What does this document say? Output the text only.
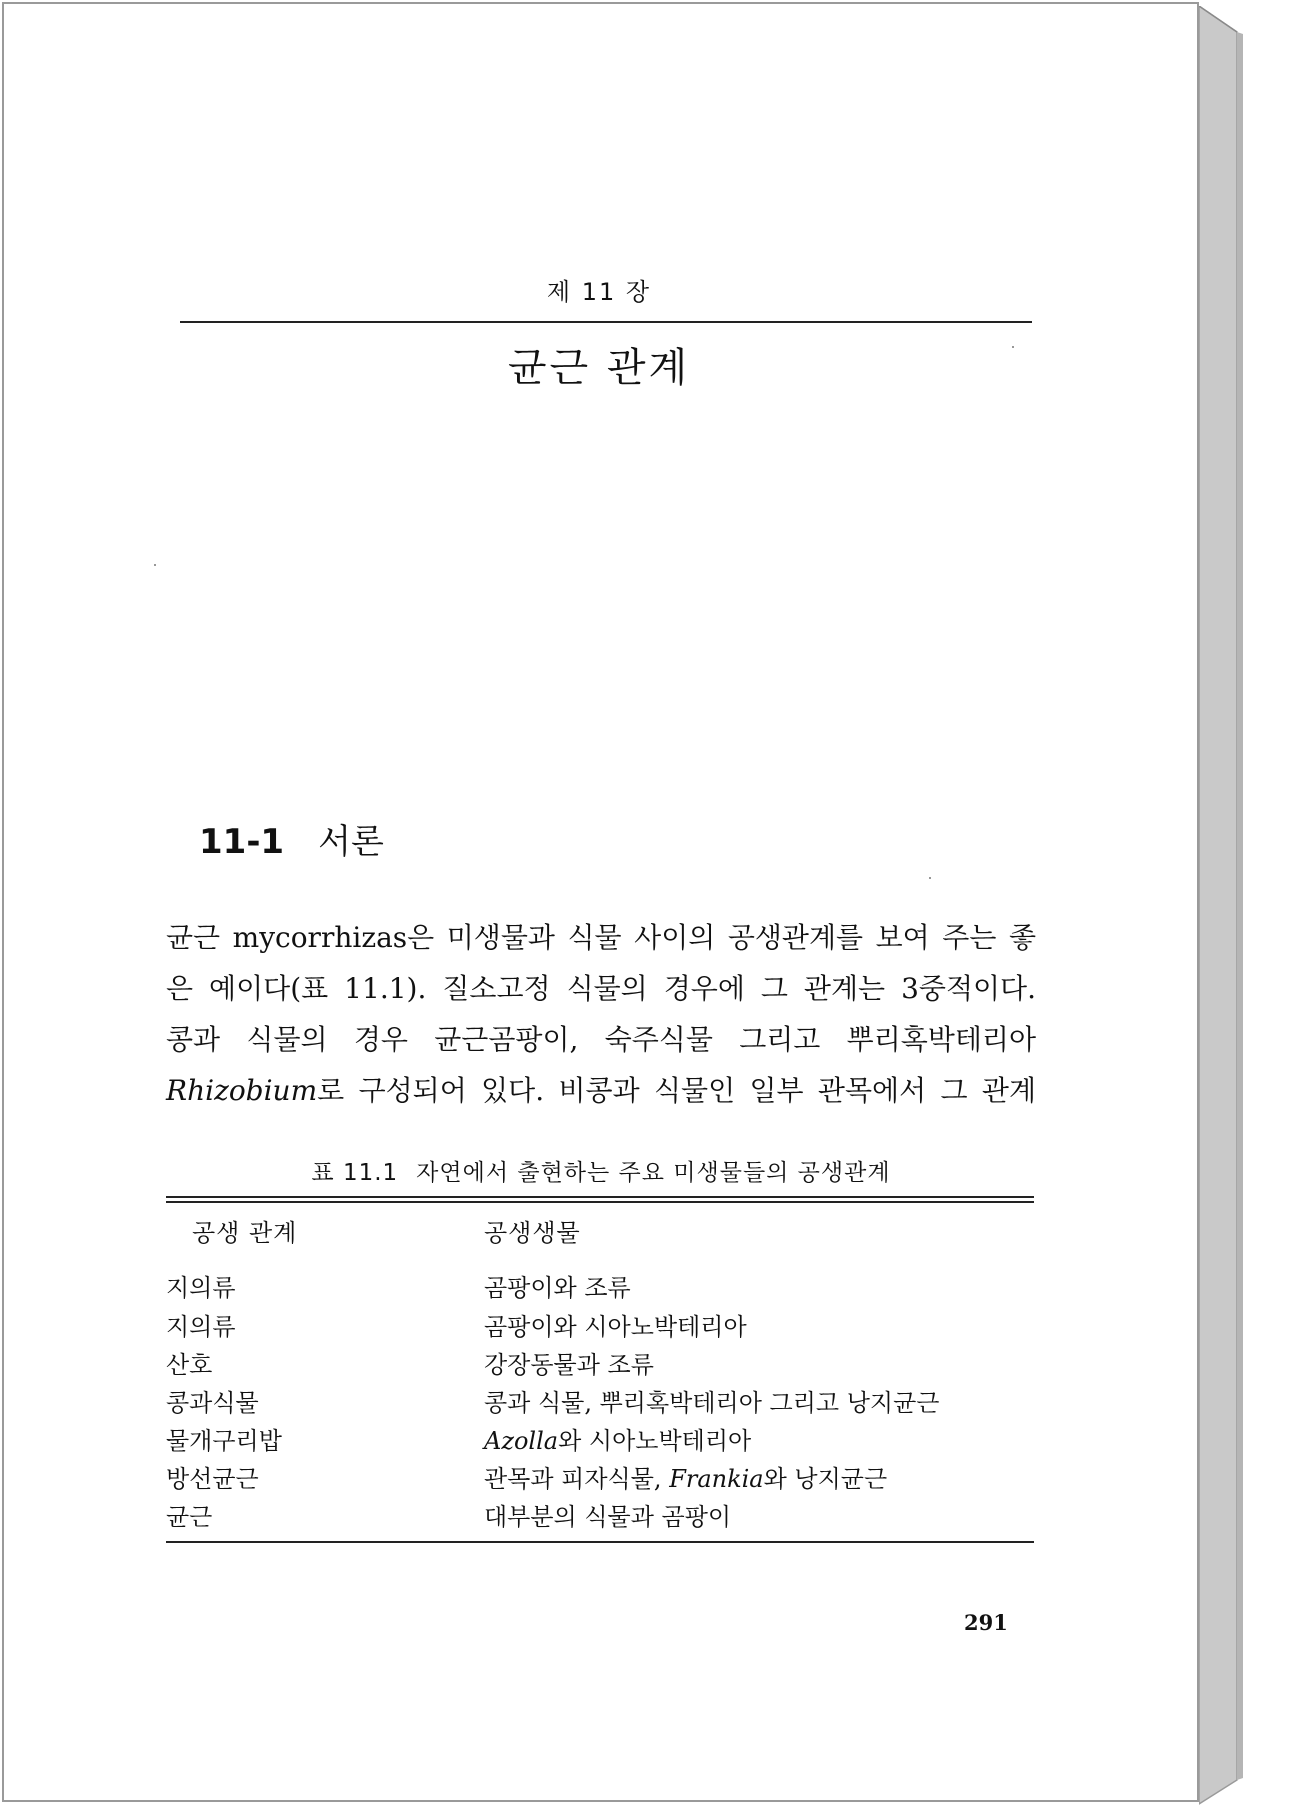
제 11 장
균근 관계
11-1 서론
균근 mycorrhizas은 미생물과 식물 사이의 공생관계를 보여 주는 좋
은 예이다(표 11.1). 질소고정 식물의 경우에 그 관계는 3중적이다.
콩과 식물의 경우 균근곰팡이, 숙주식물 그리고 뿌리혹박테리아
Rhizobium로 구성되어 있다. 비콩과 식물인 일부 관목에서 그 관계
표 11.1 자연에서 출현하는 주요 미생물들의 공생관계
공생 관계	공생생물
지의류	곰팡이와 조류
지의류	곰팡이와 시아노박테리아
산호	강장동물과 조류
콩과식물	콩과 식물, 뿌리혹박테리아 그리고 낭지균근
물개구리밥	Azolla와 시아노박테리아
방선균근	관목과 피자식물, Frankia와 낭지균근
균근	대부분의 식물과 곰팡이
291
